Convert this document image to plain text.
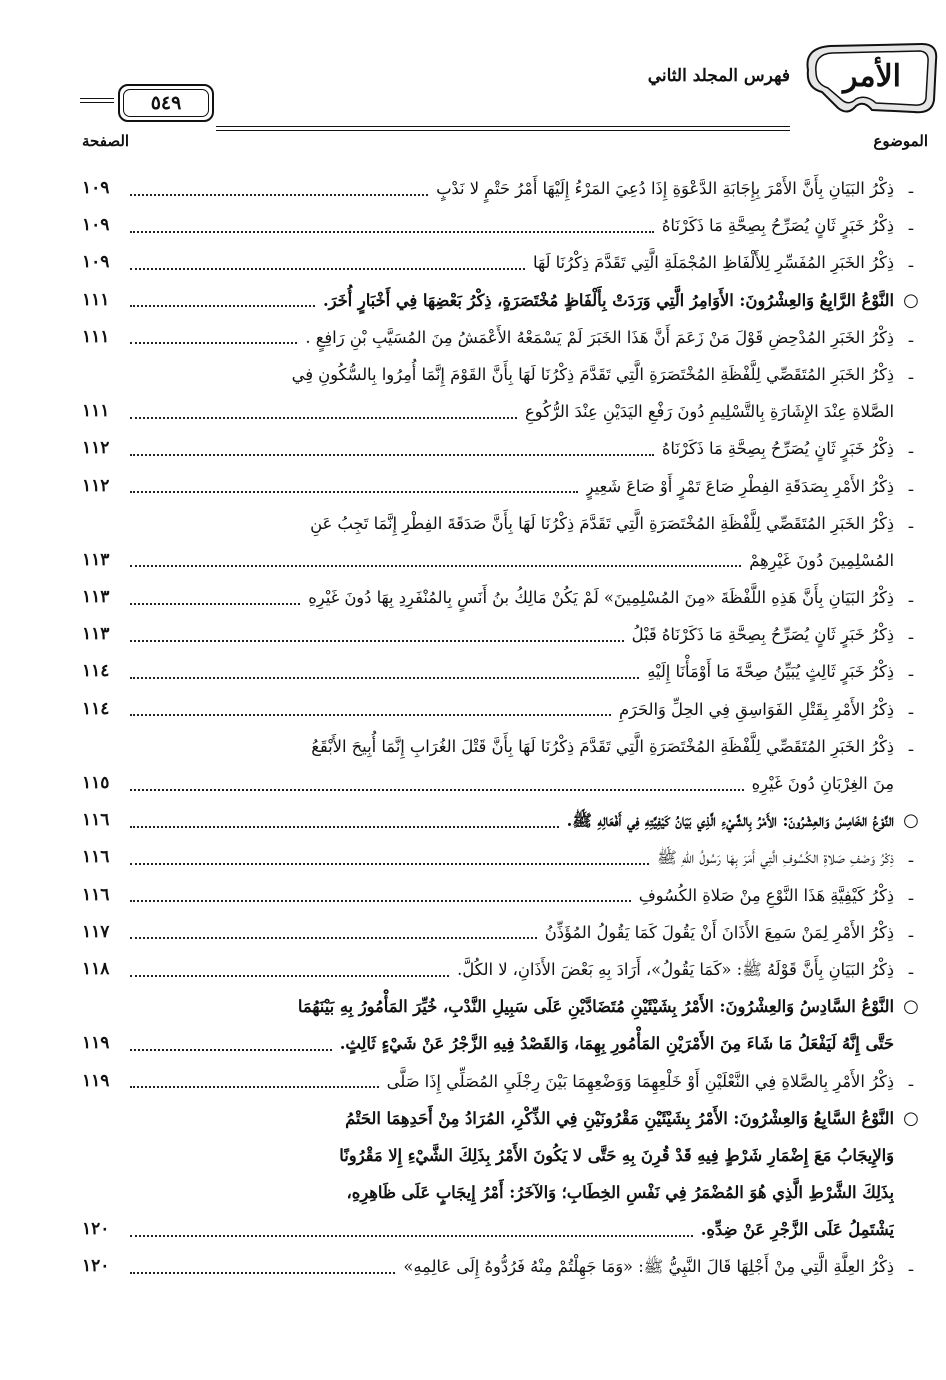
الأمر
فهرس المجلد الثاني
٥٤٩
الموضوع
الصفحة
ـ
ذِكْرُ البَيَانِ بِأَنَّ الأَمْرَ بِإِجَابَةِ الدَّعْوَةِ إِذَا دُعِيَ المَرْءُ إِلَيْهَا أَمْرُ حَتْمٍ لا نَدْبٍ
١٠٩
ـ
ذِكْرُ خَبَرٍ ثَانٍ يُصَرِّحُ بِصِحَّةِ مَا ذَكَرْنَاهُ
١٠٩
ـ
ذِكْرُ الخَبَرِ المُفَسِّرِ لِلأَلْفَاظِ المُجْمَلَةِ الَّتِي تَقَدَّمَ ذِكْرُنَا لَهَا
١٠٩
○
النَّوْعُ الرَّابِعُ وَالعِشْرُونَ: الأَوَامِرُ الَّتِي وَرَدَتْ بِأَلْفَاظٍ مُخْتَصَرَةٍ، ذِكْرُ بَعْضِهَا فِي أَخْبَارٍ أُخَرَ.
١١١
ـ
ذِكْرُ الخَبَرِ المُدْحِضِ قَوْلَ مَنْ زَعَمَ أَنَّ هَذَا الخَبَرَ لَمْ يَسْمَعْهُ الأَعْمَشُ مِنَ المُسَيَّبِ بْنِ رَافِعٍ .
١١١
ـ
ذِكْرُ الخَبَرِ المُتَقَصِّي لِلَّفْظَةِ المُخْتَصَرَةِ الَّتِي تَقَدَّمَ ذِكْرُنَا لَهَا بِأَنَّ القَوْمَ إِنَّمَا أُمِرُوا بِالسُّكُونِ فِي
الصَّلاةِ عِنْدَ الإِشَارَةِ بِالتَّسْلِيمِ دُونَ رَفْعِ اليَدَيْنِ عِنْدَ الرُّكُوعِ
١١١
ـ
ذِكْرُ خَبَرٍ ثَانٍ يُصَرِّحُ بِصِحَّةِ مَا ذَكَرْنَاهُ
١١٢
ـ
ذِكْرُ الأَمْرِ بِصَدَقَةِ الفِطْرِ صَاعَ تَمْرٍ أَوْ صَاعَ شَعِيرٍ
١١٢
ـ
ذِكْرُ الخَبَرِ المُتَقَصِّي لِلَّفْظَةِ المُخْتَصَرَةِ الَّتِي تَقَدَّمَ ذِكْرُنَا لَهَا بِأَنَّ صَدَقَةَ الفِطْرِ إِنَّمَا تَجِبُ عَنِ
المُسْلِمِينَ دُونَ غَيْرِهِمْ
١١٣
ـ
ذِكْرُ البَيَانِ بِأَنَّ هَذِهِ اللَّفْظَةَ «مِنَ المُسْلِمِينَ» لَمْ يَكُنْ مَالِكُ بنُ أَنَسٍ بِالمُنْفَرِدِ بِهَا دُونَ غَيْرِهِ
١١٣
ـ
ذِكْرُ خَبَرٍ ثَانٍ يُصَرِّحُ بِصِحَّةِ مَا ذَكَرْنَاهُ قَبْلُ
١١٣
ـ
ذِكْرُ خَبَرٍ ثَالِثٍ يُبَيِّنُ صِحَّةَ مَا أَوْمَأْنَا إِلَيْهِ
١١٤
ـ
ذِكْرُ الأَمْرِ بِقَتْلِ الفَوَاسِقِ فِي الحِلِّ وَالحَرَمِ
١١٤
ـ
ذِكْرُ الخَبَرِ المُتَقَصِّي لِلَّفْظَةِ المُخْتَصَرَةِ الَّتِي تَقَدَّمَ ذِكْرُنَا لَهَا بِأَنَّ قَتْلَ الغُرَابِ إِنَّمَا أُبِيحَ الأَبْقَعُ
مِنَ الغِرْبَانِ دُونَ غَيْرِهِ
١١٥
○
النَّوْعُ الخَامِسُ وَالعِشْرُونَ: الأَمْرُ بِالشَّيْءِ الَّذِي بَيَانُ كَيْفِيَّتِهِ فِي أَفْعَالِهِ ﷺ.
١١٦
ـ
ذِكْرُ وَصْفِ صَلاةِ الكُسُوفِ الَّتِي أَمَرَ بِهَا رَسُولُ اللهِ ﷺ
١١٦
ـ
ذِكْرُ كَيْفِيَّةِ هَذَا النَّوْعِ مِنْ صَلاةِ الكُسُوفِ
١١٦
ـ
ذِكْرُ الأَمْرِ لِمَنْ سَمِعَ الأَذَانَ أَنْ يَقُولَ كَمَا يَقُولُ المُؤَذِّنُ
١١٧
ـ
ذِكْرُ البَيَانِ بِأَنَّ قَوْلَهُ ﷺ: «كَمَا يَقُولُ»، أَرَادَ بِهِ بَعْضَ الأَذَانِ، لا الكُلَّ.
١١٨
○
النَّوْعُ السَّادِسُ وَالعِشْرُونَ: الأَمْرُ بِشَيْئَيْنِ مُتَضَادَّيْنِ عَلَى سَبِيلِ النَّدْبِ، خُيِّرَ المَأْمُورُ بِهِ بَيْنَهُمَا
حَتَّى إِنَّهُ لَيَفْعَلُ مَا شَاءَ مِنَ الأَمْرَيْنِ المَأْمُورِ بِهِمَا، وَالقَصْدُ فِيهِ الزَّجْرُ عَنْ شَيْءٍ ثَالِثٍ.
١١٩
ـ
ذِكْرُ الأَمْرِ بِالصَّلاةِ فِي النَّعْلَيْنِ أَوْ خَلْعِهِمَا وَوَضْعِهِمَا بَيْنَ رِجْلَيِ المُصَلِّي إِذَا صَلَّى
١١٩
○
النَّوْعُ السَّابِعُ وَالعِشْرُونَ: الأَمْرُ بِشَيْئَيْنِ مَقْرُونَيْنِ فِي الذِّكْرِ، المُرَادُ مِنْ أَحَدِهِمَا الحَتْمُ
وَالإِيجَابُ مَعَ إِضْمَارِ شَرْطٍ فِيهِ قَدْ قُرِنَ بِهِ حَتَّى لا يَكُونَ الأَمْرُ بِذَلِكَ الشَّيْءِ إِلا مَقْرُونًا
بِذَلِكَ الشَّرْطِ الَّذِي هُوَ المُضْمَرُ فِي نَفْسِ الخِطَابِ؛ وَالآخَرُ: أَمْرُ إِيجَابٍ عَلَى ظَاهِرِهِ،
يَشْتَمِلُ عَلَى الزَّجْرِ عَنْ ضِدِّهِ.
١٢٠
ـ
ذِكْرُ العِلَّةِ الَّتِي مِنْ أَجْلِهَا قَالَ النَّبِيُّ ﷺ: «وَمَا جَهِلْتُمْ مِنْهُ فَرُدُّوهُ إِلَى عَالِمِهِ»
١٢٠
